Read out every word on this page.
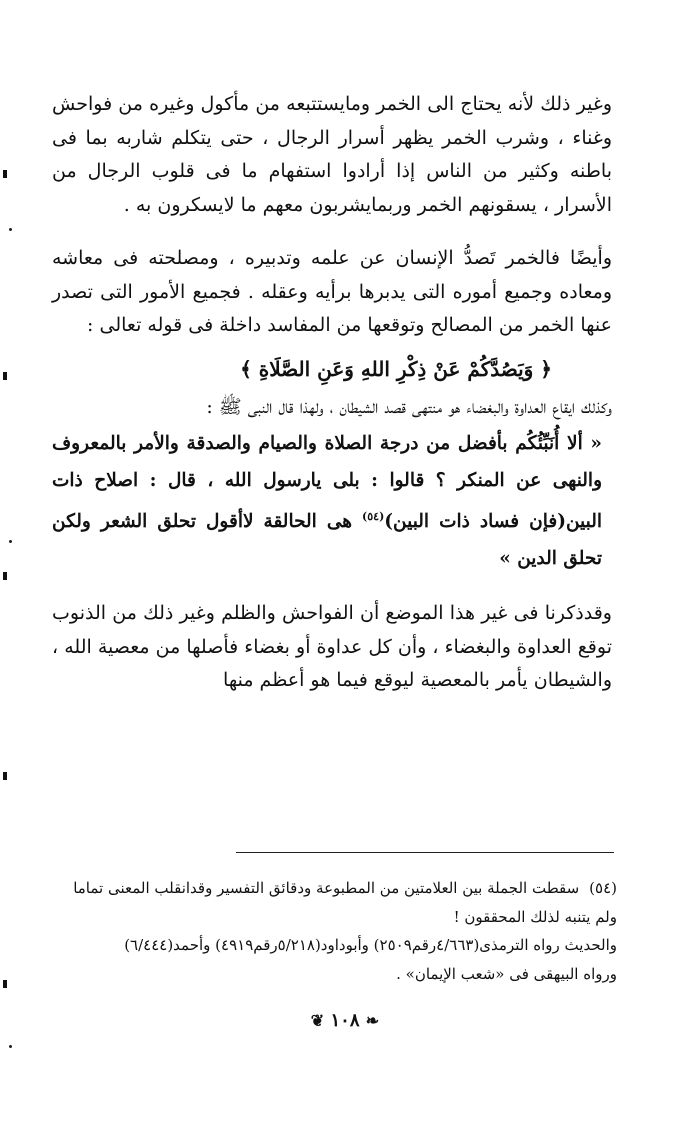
وغير ذلك لأنه يحتاج الى الخمر ومايستتبعه من مأكول وغيره من فواحش وغناء ، وشرب الخمر يظهر أسرار الرجال ، حتى يتكلم شاربه بما فى باطنه وكثير من الناس إذا أرادوا استفهام ما فى قلوب الرجال من الأسرار ، يسقونهم الخمر وربمايشربون معهم ما لايسكرون به .

وأيضًا فالخمر تَصدُّ الإنسان عن علمه وتدبيره ، ومصلحته فى معاشه ومعاده وجميع أموره التى يدبرها برأيه وعقله . فجميع الأمور التى تصدر عنها الخمر من المصالح وتوقعها من المفاسد داخلة فى قوله تعالى :

﴿ وَيَصُدَّكُمْ عَنْ ذِكْرِ اللهِ وَعَنِ الصَّلَاةِ ﴾

وكذلك ايقاع العداوة والبغضاء هو منتهى قصد الشيطان ، ولهذا قال النبى ﷺ :

« ألا أُنَبِّئُكُم بأفضل من درجة الصلاة والصيام والصدقة والأمر بالمعروف والنهى عن المنكر ؟ قالوا : بلى يارسول الله ، قال : اصلاح ذات البين(فإن فساد ذات البين)$^{(٥٤)}$ هى الحالقة لاأقول تحلق الشعر ولكن تحلق الدين »

وقدذكرنا فى غير هذا الموضع أن الفواحش والظلم وغير ذلك من الذنوب توقع العداوة والبغضاء ، وأن كل عداوة أو بغضاء فأصلها من معصية الله ، والشيطان يأمر بالمعصية ليوقع فيما هو أعظم منها

(٥٤)سقطت الجملة بين العلامتين من المطبوعة ودقائق التفسير وقدانقلب المعنى تماما
ولم يتنبه لذلك المحققون !
والحديث رواه الترمذى(٤/٦٦٣رقم٢٥٠٩) وأبوداود(٥/٢١٨رقم٤٩١٩) وأحمد(٦/٤٤٤)
ورواه البيهقى فى «شعب الإيمان» .
❧ ١٠٨ ❦
